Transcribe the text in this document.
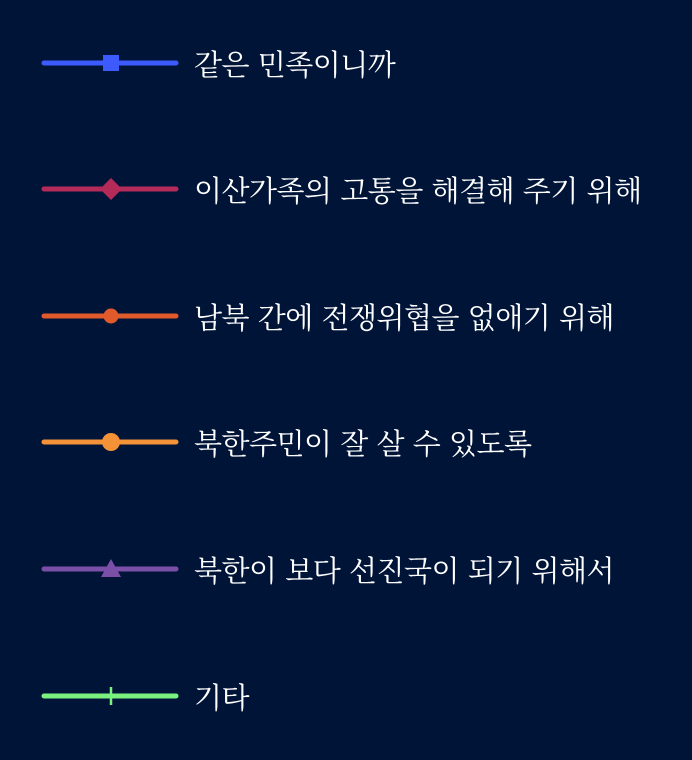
같은 민족이니까
이산가족의 고통을 해결해 주기 위해
남북 간에 전쟁위협을 없애기 위해
북한주민이 잘 살 수 있도록
북한이 보다 선진국이 되기 위해서
기타
